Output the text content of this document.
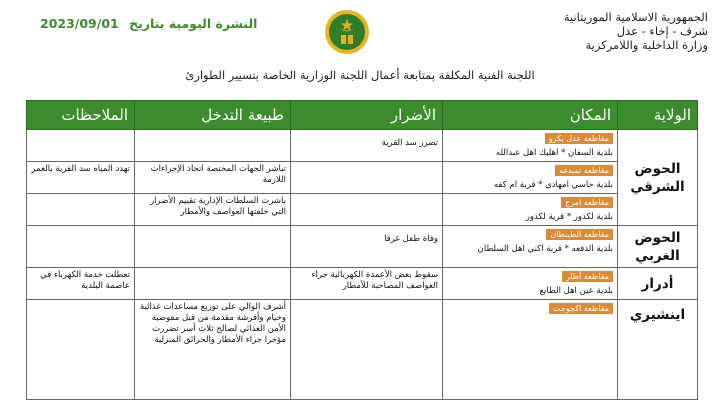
الجمهورية الاسلامية الموريتانية
شرف - إخاء - عدل
وزارة الداخلية واللامركزية
النشرة اليومية بتاريخ 2023/09/01
اللجنة الفنية المكلفة بمتابعة أعمال اللجنة الوزارية الخاصة بتسيير الطوارئ
الولاية	المكان	الأضرار	طبيعة التدخل	الملاحظات
الحوض الشرقي	مقاطعة عدل بكرو
بلدية السفان * اهليك اهل عبدالله	تضرر سد القرية		
	مقاطعة تمبدغه
بلدية حاسي امهادي * قرية ام كفه		تباشر الجهات المختصة اتخاذ الإجراءات اللازمة	تهدد المياه سد القرية بالغمر
	مقاطعة امرج
بلدية لكدور * قرية لكدور		باشرت السلطات الإدارية تقييم الأضرار التي خلفتها العواصف والأمطار	
الحوض الغربي	مقاطعة الطينطان
بلدية الدفعه * قرية اكني اهل السلطان	وفاة طفل غرقا		
أدرار	مقاطعة أطار
بلدية عين اهل الطايع	سقوط بعض الأعمدة الكهربائية جراء العواصف المصاحبة للأمطار		تعطلت خدمة الكهرباء في عاصمة البلدية
اينشيري	مقاطعة اكجوجت		أشرف الوالي على توزيع مساعدات غذائية وخيام وأفرشة مقدمة من قبل مفوضية الأمن الغذائي لصالح ثلاث أسر تضررت مؤخرا جراء الأمطار والحرائق المنزلية	
